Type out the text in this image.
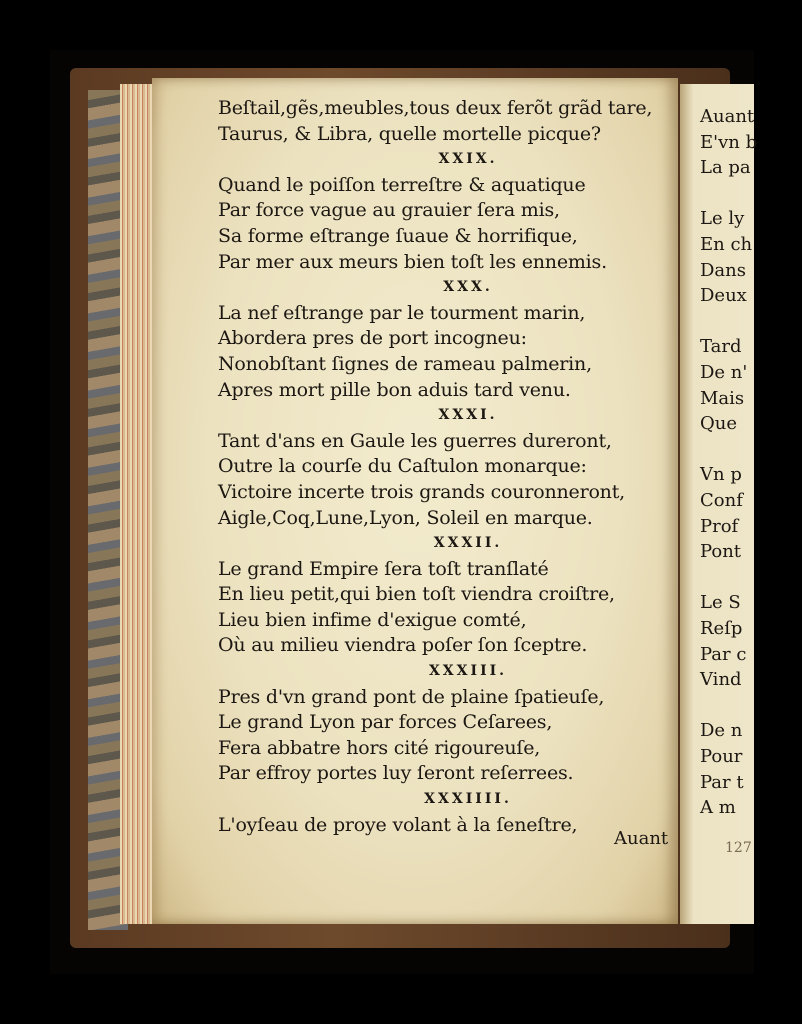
Beſtail,gẽs,meubles,tous deux ferõt grãd tare,
Taurus, & Libra, quelle mortelle picque?
XXIX.
Quand le poiſſon terreſtre & aquatique
Par force vague au grauier ſera mis,
Sa forme eſtrange ſuaue & horrifique,
Par mer aux meurs bien toſt les ennemis.
XXX.
La nef eſtrange par le tourment marin,
Abordera pres de port incogneu:
Nonobſtant ſignes de rameau palmerin,
Apres mort pille bon aduis tard venu.
XXXI.
Tant d'ans en Gaule les guerres dureront,
Outre la courſe du Caſtulon monarque:
Victoire incerte trois grands couronneront,
Aigle,Coq,Lune,Lyon, Soleil en marque.
XXXII.
Le grand Empire ſera toſt tranſlaté
En lieu petit,qui bien toſt viendra croiſtre,
Lieu bien infime d'exigue comté,
Où au milieu viendra poſer ſon ſceptre.
XXXIII.
Pres d'vn grand pont de plaine ſpatieuſe,
Le grand Lyon par forces Ceſarees,
Fera abbatre hors cité rigoureuſe,
Par effroy portes luy ſeront reſerrees.
XXXIIII.
L'oyſeau de proye volant à la ſeneſtre,
Auant
Auant
E'vn b
La pa
Le ly
En ch
Dans
Deux
Tard
De n'
Mais
Que
Vn p
Conf
Prof
Pont
Le S
Reſp
Par c
Vind
De n
Pour
Par t
A m
127
